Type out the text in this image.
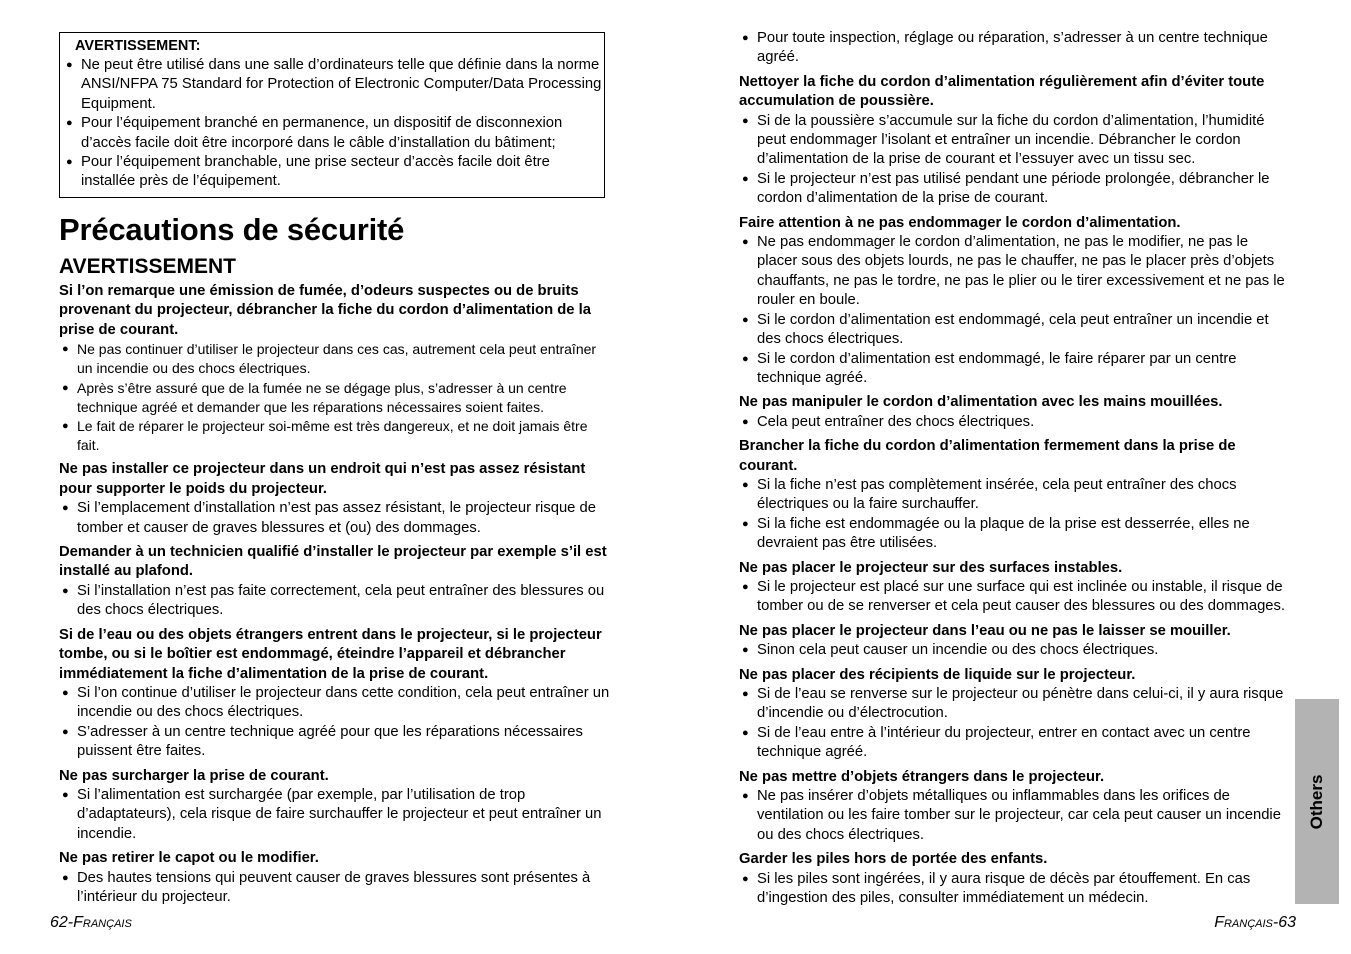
AVERTISSEMENT:
● Ne peut être utilisé dans une salle d’ordinateurs telle que définie dans la norme ANSI/NFPA 75 Standard for Protection of Electronic Computer/Data Processing Equipment.
● Pour l’équipement branché en permanence, un dispositif de disconnexion d’accès facile doit être incorporé dans le câble d’installation du bâtiment;
● Pour l’équipement branchable, une prise secteur d’accès facile doit être installée près de l’équipement.
Précautions de sécurité
AVERTISSEMENT
Si l’on remarque une émission de fumée, d’odeurs suspectes ou de bruits provenant du projecteur, débrancher la fiche du cordon d’alimentation de la prise de courant.
● Ne pas continuer d’utiliser le projecteur dans ces cas, autrement cela peut entraîner un incendie ou des chocs électriques.
● Après s’être assuré que de la fumée ne se dégage plus, s’adresser à un centre technique agréé et demander que les réparations nécessaires soient faites.
● Le fait de réparer le projecteur soi-même est très dangereux, et ne doit jamais être fait.
Ne pas installer ce projecteur dans un endroit qui n’est pas assez résistant pour supporter le poids du projecteur.
● Si l’emplacement d’installation n’est pas assez résistant, le projecteur risque de tomber et causer de graves blessures et (ou) des dommages.
Demander à un technicien qualifié d’installer le projecteur par exemple s’il est installé au plafond.
● Si l’installation n’est pas faite correctement, cela peut entraîner des blessures ou des chocs électriques.
Si de l’eau ou des objets étrangers entrent dans le projecteur, si le projecteur tombe, ou si le boîtier est endommagé, éteindre l’appareil et débrancher immédiatement la fiche d’alimentation de la prise de courant.
● Si l’on continue d’utiliser le projecteur dans cette condition, cela peut entraîner un incendie ou des chocs électriques.
● S’adresser à un centre technique agréé pour que les réparations nécessaires puissent être faites.
Ne pas surcharger la prise de courant.
● Si l’alimentation est surchargée (par exemple, par l’utilisation de trop d’adaptateurs), cela risque de faire surchauffer le projecteur et peut entraîner un incendie.
Ne pas retirer le capot ou le modifier.
● Des hautes tensions qui peuvent causer de graves blessures sont présentes à l’intérieur du projecteur.
● Pour toute inspection, réglage ou réparation, s’adresser à un centre technique agréé.
Nettoyer la fiche du cordon d’alimentation régulièrement afin d’éviter toute accumulation de poussière.
● Si de la poussière s’accumule sur la fiche du cordon d’alimentation, l’humidité peut endommager l’isolant et entraîner un incendie. Débrancher le cordon d’alimentation de la prise de courant et l’essuyer avec un tissu sec.
● Si le projecteur n’est pas utilisé pendant une période prolongée, débrancher le cordon d’alimentation de la prise de courant.
Faire attention à ne pas endommager le cordon d’alimentation.
● Ne pas endommager le cordon d’alimentation, ne pas le modifier, ne pas le placer sous des objets lourds, ne pas le chauffer, ne pas le placer près d’objets chauffants, ne pas le tordre, ne pas le plier ou le tirer excessivement et ne pas le rouler en boule.
● Si le cordon d’alimentation est endommagé, cela peut entraîner un incendie et des chocs électriques.
● Si le cordon d’alimentation est endommagé, le faire réparer par un centre technique agréé.
Ne pas manipuler le cordon d’alimentation avec les mains mouillées.
● Cela peut entraîner des chocs électriques.
Brancher la fiche du cordon d’alimentation fermement dans la prise de courant.
● Si la fiche n’est pas complètement insérée, cela peut entraîner des chocs électriques ou la faire surchauffer.
● Si la fiche est endommagée ou la plaque de la prise est desserrée, elles ne devraient pas être utilisées.
Ne pas placer le projecteur sur des surfaces instables.
● Si le projecteur est placé sur une surface qui est inclinée ou instable, il risque de tomber ou de se renverser et cela peut causer des blessures ou des dommages.
Ne pas placer le projecteur dans l’eau ou ne pas le laisser se mouiller.
● Sinon cela peut causer un incendie ou des chocs électriques.
Ne pas placer des récipients de liquide sur le projecteur.
● Si de l’eau se renverse sur le projecteur ou pénètre dans celui-ci, il y aura risque d’incendie ou d’électrocution.
● Si de l’eau entre à l’intérieur du projecteur, entrer en contact avec un centre technique agréé.
Ne pas mettre d’objets étrangers dans le projecteur.
● Ne pas insérer d’objets métalliques ou inflammables dans les orifices de ventilation ou les faire tomber sur le projecteur, car cela peut causer un incendie ou des chocs électriques.
Garder les piles hors de portée des enfants.
● Si les piles sont ingérées, il y aura risque de décès par étouffement. En cas d’ingestion des piles, consulter immédiatement un médecin.
Others
62-Français	Français-63
